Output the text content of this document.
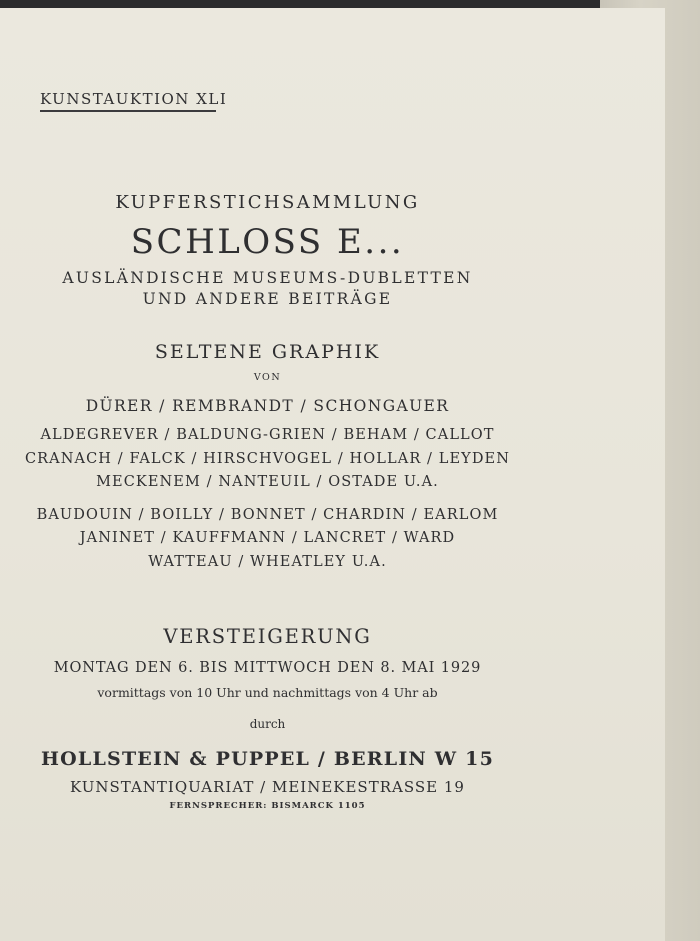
KUNSTAUKTION XLI
KUPFERSTICHSAMMLUNG
SCHLOSS E...
AUSLÄNDISCHE MUSEUMS-DUBLETTEN
UND ANDERE BEITRÄGE
SELTENE GRAPHIK
VON
DÜRER / REMBRANDT / SCHONGAUER
ALDEGREVER / BALDUNG-GRIEN / BEHAM / CALLOT
CRANACH / FALCK / HIRSCHVOGEL / HOLLAR / LEYDEN
MECKENEM / NANTEUIL / OSTADE U.A.
BAUDOUIN / BOILLY / BONNET / CHARDIN / EARLOM
JANINET / KAUFFMANN / LANCRET / WARD
WATTEAU / WHEATLEY U.A.
VERSTEIGERUNG
MONTAG DEN 6. BIS MITTWOCH DEN 8. MAI 1929
vormittags von 10 Uhr und nachmittags von 4 Uhr ab
durch
HOLLSTEIN & PUPPEL / BERLIN W 15
KUNSTANTIQUARIAT / MEINEKESTRASSE 19
FERNSPRECHER: BISMARCK 1105
